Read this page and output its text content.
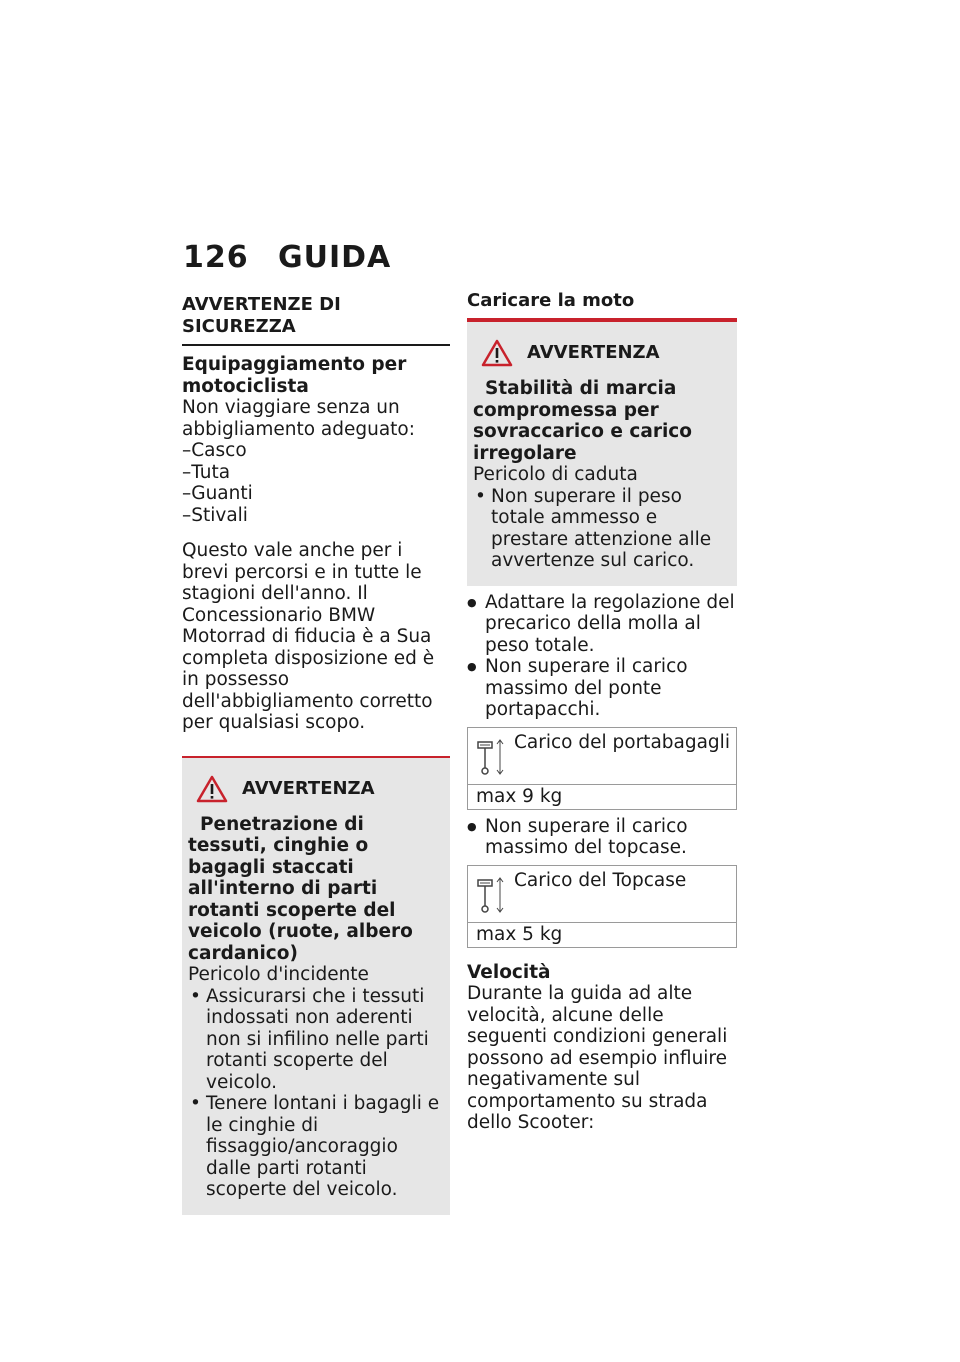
126 GUIDA
AVVERTENZE DI SICUREZZA
Equipaggiamento per motociclista

Non viaggiare senza un abbigliamento adeguato:

– Casco
– Tuta
– Guanti
– Stivali

Questo vale anche per i brevi percorsi e in tutte le stagioni dell'anno. Il Concessionario BMW Motorrad di fiducia è a Sua completa disposizione ed è in possesso dell'abbigliamento corretto per qualsiasi scopo.

AVVERTENZA
Penetrazione di tessuti, cinghie o bagagli staccati all'interno di parti rotanti scoperte del veicolo (ruote, albero cardanico)
Pericolo d'incidente
• Assicurarsi che i tessuti indossati non aderenti non si infilino nelle parti rotanti scoperte del veicolo.
• Tenere lontani i bagagli e le cinghie di fissaggio/ancoraggio dalle parti rotanti scoperte del veicolo.
Caricare la moto
AVVERTENZA
Stabilità di marcia compromessa per sovraccarico e carico irregolare
Pericolo di caduta
• Non superare il peso totale ammesso e prestare attenzione alle avvertenze sul carico.
● Adattare la regolazione del precarico della molla al peso totale.
● Non superare il carico massimo del ponte portapacchi.
Carico del portabagagli
max 9 kg
● Non superare il carico massimo del topcase.
Carico del Topcase
max 5 kg
Velocità

Durante la guida ad alte velocità, alcune delle seguenti condizioni generali possono ad esempio influire negativamente sul comportamento su strada dello Scooter:
